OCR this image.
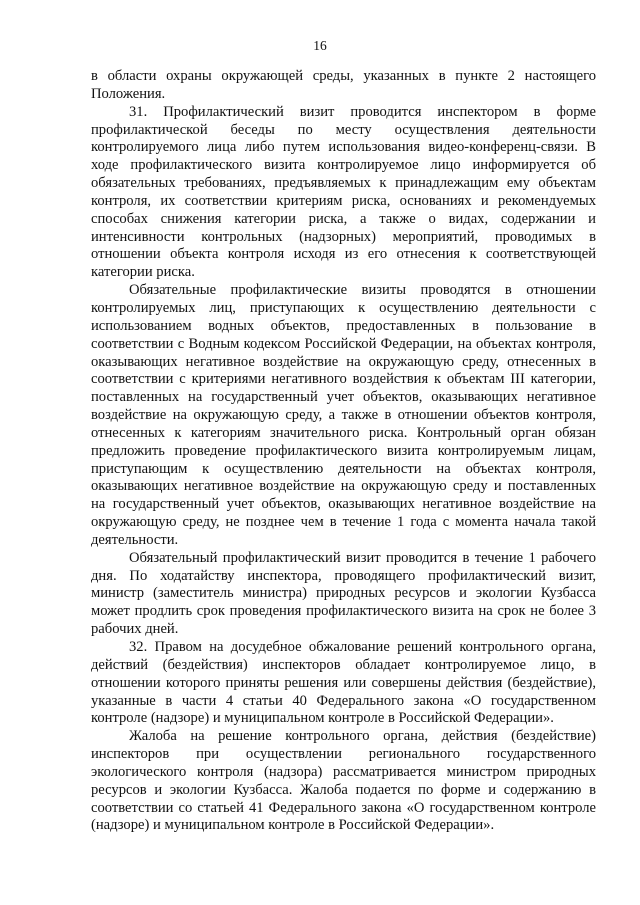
16

в области охраны окружающей среды, указанных в пункте 2 настоящего Положения.

31. Профилактический визит проводится инспектором в форме профилактической беседы по месту осуществления деятельности контролируемого лица либо путем использования видео-конференц-связи. В ходе профилактического визита контролируемое лицо информируется об обязательных требованиях, предъявляемых к принадлежащим ему объектам контроля, их соответствии критериям риска, основаниях и рекомендуемых способах снижения категории риска, а также о видах, содержании и интенсивности контрольных (надзорных) мероприятий, проводимых в отношении объекта контроля исходя из его отнесения к соответствующей категории риска.

Обязательные профилактические визиты проводятся в отношении контролируемых лиц, приступающих к осуществлению деятельности с использованием водных объектов, предоставленных в пользование в соответствии с Водным кодексом Российской Федерации, на объектах контроля, оказывающих негативное воздействие на окружающую среду, отнесенных в соответствии с критериями негативного воздействия к объектам III категории, поставленных на государственный учет объектов, оказывающих негативное воздействие на окружающую среду, а также в отношении объектов контроля, отнесенных к категориям значительного риска. Контрольный орган обязан предложить проведение профилактического визита контролируемым лицам, приступающим к осуществлению деятельности на объектах контроля, оказывающих негативное воздействие на окружающую среду и поставленных на государственный учет объектов, оказывающих негативное воздействие на окружающую среду, не позднее чем в течение 1 года с момента начала такой деятельности.

Обязательный профилактический визит проводится в течение 1 рабочего дня. По ходатайству инспектора, проводящего профилактический визит, министр (заместитель министра) природных ресурсов и экологии Кузбасса может продлить срок проведения профилактического визита на срок не более 3 рабочих дней.

32. Правом на досудебное обжалование решений контрольного органа, действий (бездействия) инспекторов обладает контролируемое лицо, в отношении которого приняты решения или совершены действия (бездействие), указанные в части 4 статьи 40 Федерального закона «О государственном контроле (надзоре) и муниципальном контроле в Российской Федерации».

Жалоба на решение контрольного органа, действия (бездействие) инспекторов при осуществлении регионального государственного экологического контроля (надзора) рассматривается министром природных ресурсов и экологии Кузбасса. Жалоба подается по форме и содержанию в соответствии со статьей 41 Федерального закона «О государственном контроле (надзоре) и муниципальном контроле в Российской Федерации».
